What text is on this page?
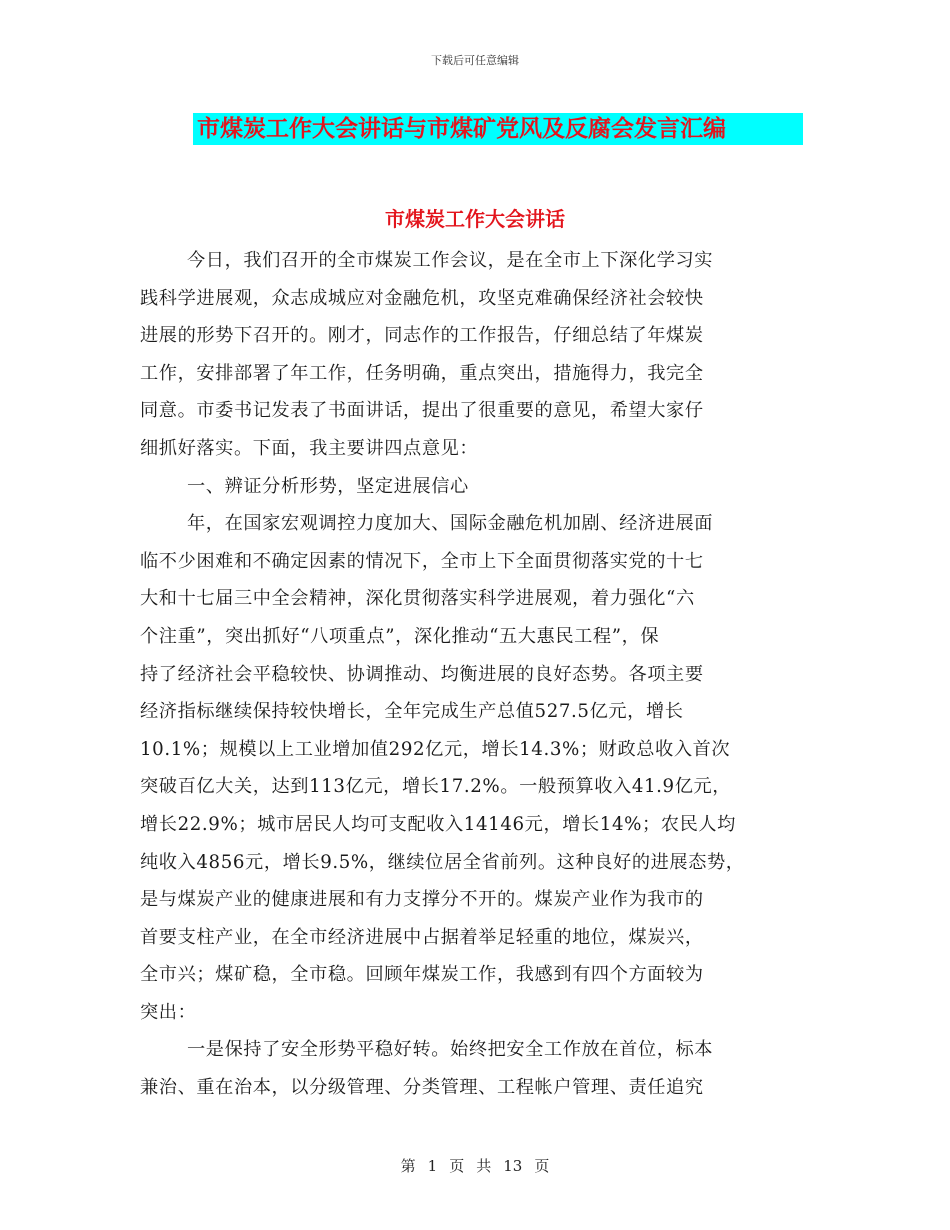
下载后可任意编辑
市煤炭工作大会讲话与市煤矿党风及反腐会发言汇编
市煤炭工作大会讲话
今日，我们召开的全市煤炭工作会议，是在全市上下深化学习实
践科学进展观，众志成城应对金融危机，攻坚克难确保经济社会较快
进展的形势下召开的。刚才，同志作的工作报告，仔细总结了年煤炭
工作，安排部署了年工作，任务明确，重点突出，措施得力，我完全
同意。市委书记发表了书面讲话，提出了很重要的意见，希望大家仔
细抓好落实。下面，我主要讲四点意见：
一、辨证分析形势，坚定进展信心
年，在国家宏观调控力度加大、国际金融危机加剧、经济进展面
临不少困难和不确定因素的情况下，全市上下全面贯彻落实党的十七
大和十七届三中全会精神，深化贯彻落实科学进展观，着力强化“六
个注重”，突出抓好“八项重点”，深化推动“五大惠民工程”，保
持了经济社会平稳较快、协调推动、均衡进展的良好态势。各项主要
经济指标继续保持较快增长，全年完成生产总值527.5亿元，增长
10.1%；规模以上工业增加值292亿元，增长14.3%；财政总收入首次
突破百亿大关，达到113亿元，增长17.2%。一般预算收入41.9亿元，
增长22.9%；城市居民人均可支配收入14146元，增长14%；农民人均
纯收入4856元，增长9.5%，继续位居全省前列。这种良好的进展态势，
是与煤炭产业的健康进展和有力支撑分不开的。煤炭产业作为我市的
首要支柱产业，在全市经济进展中占据着举足轻重的地位，煤炭兴，
全市兴；煤矿稳，全市稳。回顾年煤炭工作，我感到有四个方面较为
突出：
一是保持了安全形势平稳好转。始终把安全工作放在首位，标本
兼治、重在治本，以分级管理、分类管理、工程帐户管理、责任追究
第 1 页 共 13 页
